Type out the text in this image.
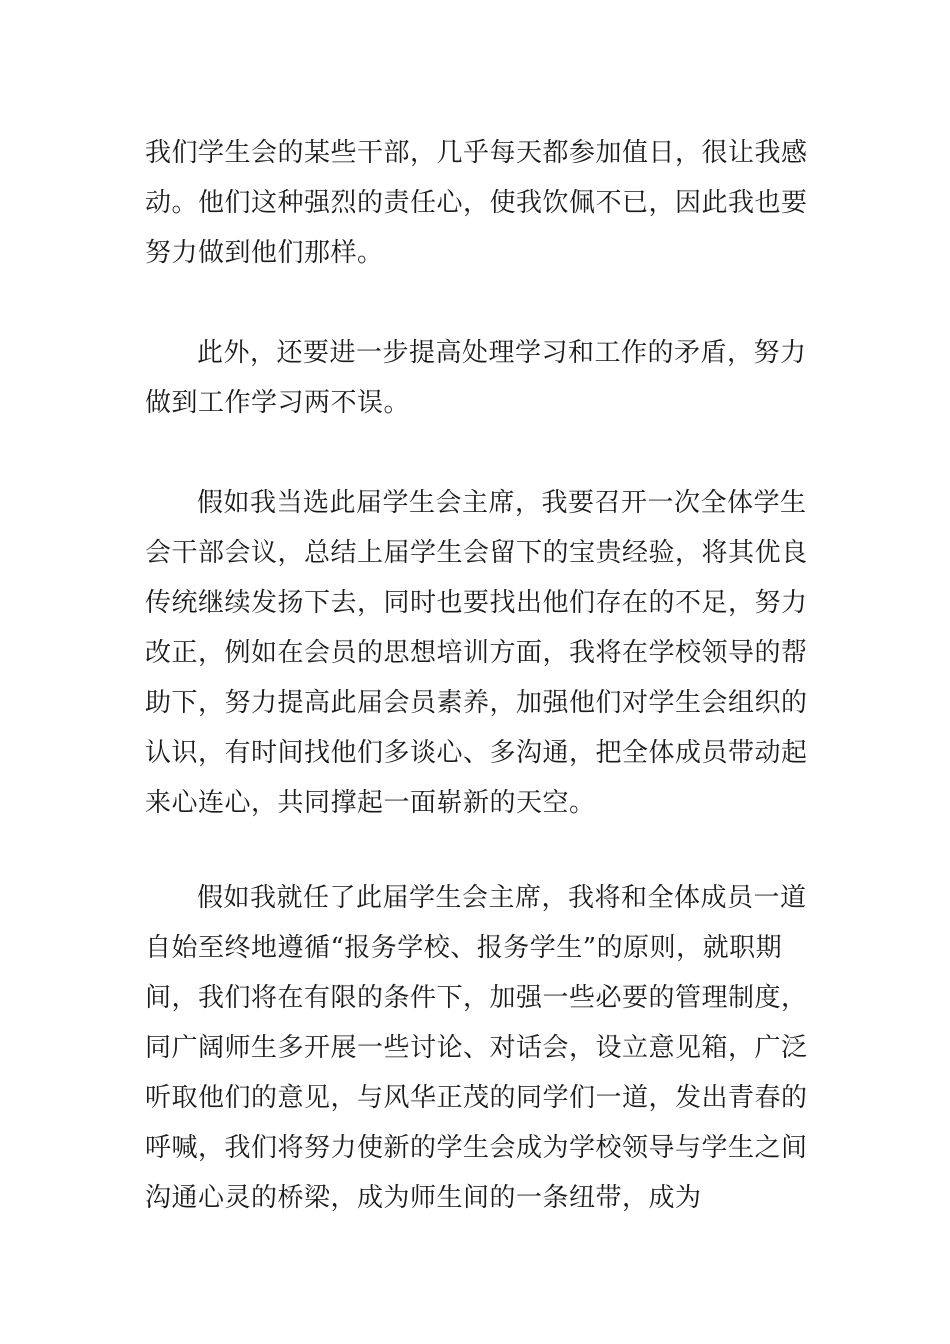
我们学生会的某些干部，几乎每天都参加值日，很让我感
动。他们这种强烈的责任心，使我饮佩不已，因此我也要
努力做到他们那样。
此外，还要进一步提高处理学习和工作的矛盾，努力
做到工作学习两不误。
假如我当选此届学生会主席，我要召开一次全体学生
会干部会议，总结上届学生会留下的宝贵经验，将其优良
传统继续发扬下去，同时也要找出他们存在的不足，努力
改正，例如在会员的思想培训方面，我将在学校领导的帮
助下，努力提高此届会员素养，加强他们对学生会组织的
认识，有时间找他们多谈心、多沟通，把全体成员带动起
来心连心，共同撑起一面崭新的天空。
假如我就任了此届学生会主席，我将和全体成员一道
自始至终地遵循“报务学校、报务学生”的原则，就职期
间，我们将在有限的条件下，加强一些必要的管理制度，
同广阔师生多开展一些讨论、对话会，设立意见箱，广泛
听取他们的意见，与风华正茂的同学们一道，发出青春的
呼喊，我们将努力使新的学生会成为学校领导与学生之间
沟通心灵的桥梁，成为师生间的一条纽带，成为
